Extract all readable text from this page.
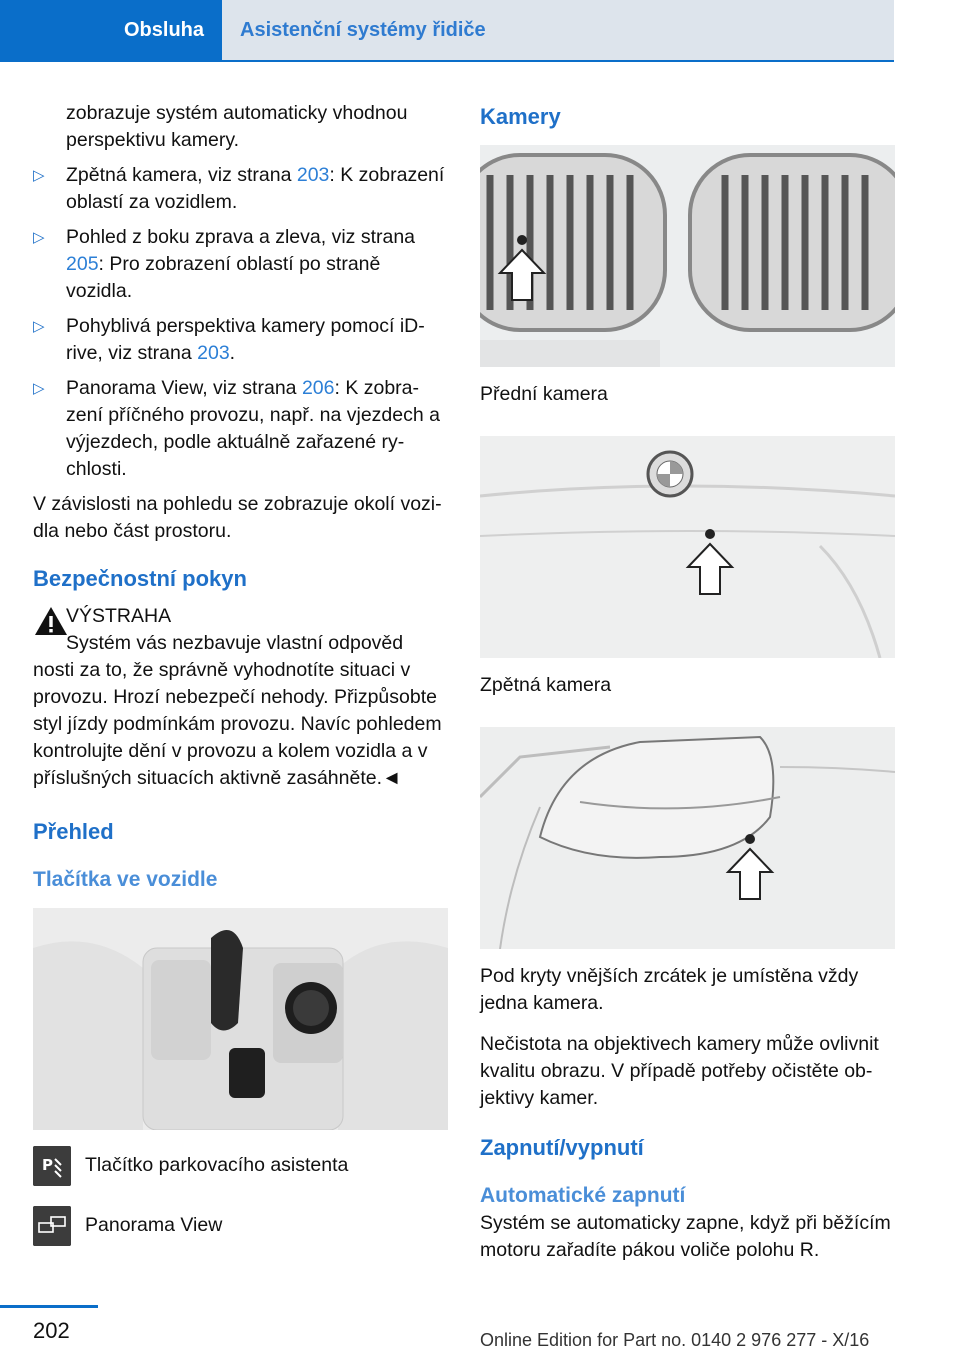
Obsluha	Asistenční systémy řidiče

zobrazuje systém automaticky vhodnou perspektivu kamery.

▷ Zpětná kamera, viz strana 203: K zobrazení oblastí za vozidlem.
▷ Pohled z boku zprava a zleva, viz strana 205: Pro zobrazení oblastí po straně vozidla.
▷ Pohyblivá perspektiva kamery pomocí iDrive, viz strana 203.
▷ Panorama View, viz strana 206: K zobrazení příčného provozu, např. na vjezdech a výjezdech, podle aktuálně zařazené rychlosti.

V závislosti na pohledu se zobrazuje okolí vozidla nebo část prostoru.

Bezpečnostní pokyn
VÝSTRAHA
Systém vás nezbavuje vlastní odpověd
nosti za to, že správně vyhodnotíte situaci v provozu. Hrozí nebezpečí nehody. Přizpůsobte styl jízdy podmínkám provozu. Navíc pohledem kontrolujte dění v provozu a kolem vozidla a v příslušných situacích aktivně zasáhněte.◄
Přehled
Tlačítka ve vozidle
P Tlačítko parkovacího asistenta
Panorama View
Kamery

Přední kamera

Zpětná kamera

Pod kryty vnějších zrcátek je umístěna vždy jedna kamera.

Nečistota na objektivech kamery může ovlivnit kvalitu obrazu. V případě potřeby očistěte objektivy kamer.

Zapnutí/vypnutí
Automatické zapnutí

Systém se automaticky zapne, když při běžícím motoru zařadíte pákou voliče polohu R.

202	Online Edition for Part no. 0140 2 976 277 - X/16
